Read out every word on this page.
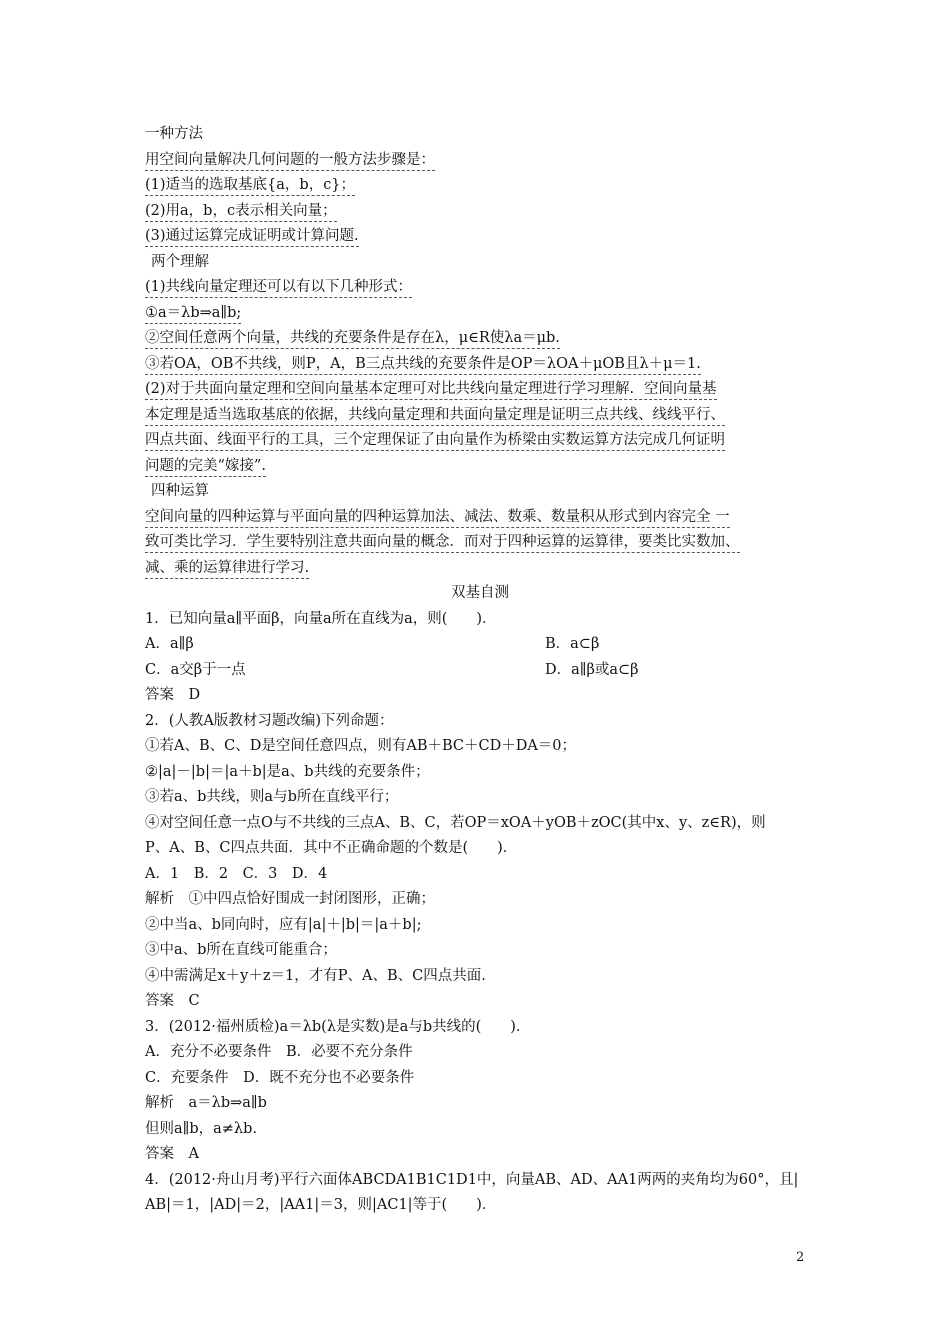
一种方法
用空间向量解决几何问题的一般方法步骤是：
(1)适当的选取基底{a，b，c}；
(2)用a，b，c表示相关向量；
(3)通过运算完成证明或计算问题.
两个理解
(1)共线向量定理还可以有以下几种形式：
①a＝λb⇒a∥b;
②空间任意两个向量，共线的充要条件是存在λ，μ∈R使λa＝μb.
③若OA，OB不共线，则P，A，B三点共线的充要条件是OP＝λOA＋μOB且λ＋μ＝1.
(2)对于共面向量定理和空间向量基本定理可对比共线向量定理进行学习理解．空间向量基
本定理是适当选取基底的依据，共线向量定理和共面向量定理是证明三点共线、线线平行、
四点共面、线面平行的工具，三个定理保证了由向量作为桥梁由实数运算方法完成几何证明
问题的完美“嫁接”.
四种运算
空间向量的四种运算与平面向量的四种运算加法、减法、数乘、数量积从形式到内容完全 一
致可类比学习．学生要特别注意共面向量的概念．而对于四种运算的运算律，要类比实数加、
减、乘的运算律进行学习.
双基自测
1．已知向量a∥平面β，向量a所在直线为a，则(　　)．
A．a∥β	B．a⊂β
C．a交β于一点	D．a∥β或a⊂β
答案　D
2．(人教A版教材习题改编)下列命题：
①若A、B、C、D是空间任意四点，则有AB＋BC＋CD＋DA＝0；
②|a|－|b|＝|a＋b|是a、b共线的充要条件；
③若a、b共线，则a与b所在直线平行；
④对空间任意一点O与不共线的三点A、B、C，若OP＝xOA＋yOB＋zOC(其中x、y、z∈R)，则
P、A、B、C四点共面．其中不正确命题的个数是(　　)．
A．1　B．2　C．3　D．4
解析　①中四点恰好围成一封闭图形，正确；
②中当a、b同向时，应有|a|＋|b|＝|a＋b|;
③中a、b所在直线可能重合；
④中需满足x＋y＋z＝1，才有P、A、B、C四点共面.
答案　C
3．(2012·福州质检)a＝λb(λ是实数)是a与b共线的(　　)．
A．充分不必要条件　B．必要不充分条件
C．充要条件　D．既不充分也不必要条件
解析　a＝λb⇒a∥b
但则a∥b，a≠λb.
答案　A
4．(2012·舟山月考)平行六面体ABCDA1B1C1D1中，向量AB、AD、AA1两两的夹角均为60°，且|
AB|＝1，|AD|＝2，|AA1|＝3，则|AC1|等于(　　)．
2
